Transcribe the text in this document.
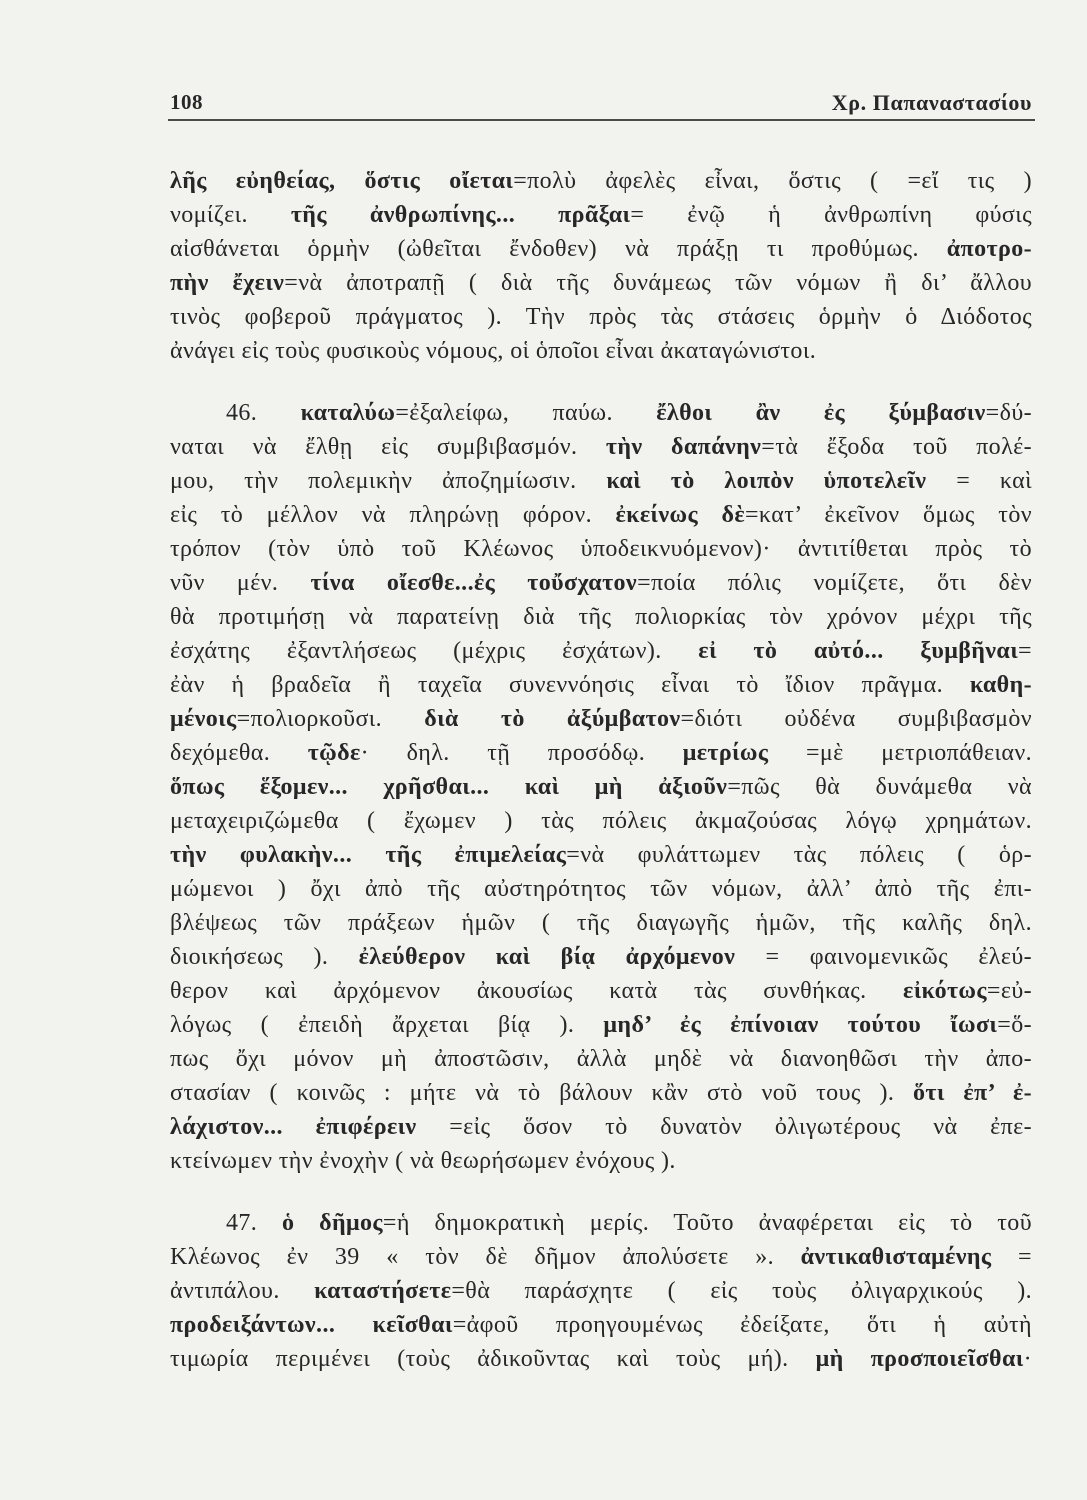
108	Χρ. Παπαναστασίου
λῆς εὐηθείας, ὅστις οἴεται=πολὺ ἀφελὲς εἶναι, ὅστις ( =εἴ τις )
νομίζει. τῆς ἀνθρωπίνης... πρᾶξαι= ἐνῷ ἡ ἀνθρωπίνη φύσις
αἰσθάνεται ὁρμὴν (ὠθεῖται ἔνδοθεν) νὰ πράξῃ τι προθύμως. ἀποτρο-
πὴν ἔχειν=νὰ ἀποτραπῇ ( διὰ τῆς δυνάμεως τῶν νόμων ἢ δι’ ἄλλου
τινὸς φοβεροῦ πράγματος ). Τὴν πρὸς τὰς στάσεις ὁρμὴν ὁ Διόδοτος
ἀνάγει εἰς τοὺς φυσικοὺς νόμους, οἱ ὁποῖοι εἶναι ἀκαταγώνιστοι.
46. καταλύω=ἐξαλείφω, παύω. ἔλθοι ἂν ἐς ξύμβασιν=δύ-
ναται νὰ ἔλθῃ εἰς συμβιβασμόν. τὴν δαπάνην=τὰ ἔξοδα τοῦ πολέ-
μου, τὴν πολεμικὴν ἀποζημίωσιν. καὶ τὸ λοιπὸν ὑποτελεῖν = καὶ
εἰς τὸ μέλλον νὰ πληρώνῃ φόρον. ἐκείνως δὲ=κατ’ ἐκεῖνον ὅμως τὸν
τρόπον (τὸν ὑπὸ τοῦ Κλέωνος ὑποδεικνυόμενον)· ἀντιτίθεται πρὸς τὸ
νῦν μέν. τίνα οἴεσθε...ἐς τοὔσχατον=ποία πόλις νομίζετε, ὅτι δὲν
θὰ προτιμήσῃ νὰ παρατείνῃ διὰ τῆς πολιορκίας τὸν χρόνον μέχρι τῆς
ἐσχάτης ἐξαντλήσεως (μέχρις ἐσχάτων). εἰ τὸ αὐτό... ξυμβῆναι=
ἐὰν ἡ βραδεῖα ἢ ταχεῖα συνεννόησις εἶναι τὸ ἴδιον πρᾶγμα. καθη-
μένοις=πολιορκοῦσι. διὰ τὸ ἀξύμβατον=διότι οὐδένα συμβιβασμὸν
δεχόμεθα. τῷδε· δηλ. τῇ προσόδῳ. μετρίως =μὲ μετριοπάθειαν.
ὅπως ἕξομεν... χρῆσθαι... καὶ μὴ ἀξιοῦν=πῶς θὰ δυνάμεθα νὰ
μεταχειριζώμεθα ( ἔχωμεν ) τὰς πόλεις ἀκμαζούσας λόγῳ χρημάτων.
τὴν φυλακὴν... τῆς ἐπιμελείας=νὰ φυλάττωμεν τὰς πόλεις ( ὁρ-
μώμενοι ) ὄχι ἀπὸ τῆς αὐστηρότητος τῶν νόμων, ἀλλ’ ἀπὸ τῆς ἐπι-
βλέψεως τῶν πράξεων ἡμῶν ( τῆς διαγωγῆς ἡμῶν, τῆς καλῆς δηλ.
διοικήσεως ). ἐλεύθερον καὶ βίᾳ ἀρχόμενον = φαινομενικῶς ἐλεύ-
θερον καὶ ἀρχόμενον ἀκουσίως κατὰ τὰς συνθήκας. εἰκότως=εὐ-
λόγως ( ἐπειδὴ ἄρχεται βίᾳ ). μηδ’ ἐς ἐπίνοιαν τούτου ἴωσι=ὅ-
πως ὄχι μόνον μὴ ἀποστῶσιν, ἀλλὰ μηδὲ νὰ διανοηθῶσι τὴν ἀπο-
στασίαν ( κοινῶς : μήτε νὰ τὸ βάλουν κἂν στὸ νοῦ τους ). ὅτι ἐπ’ ἐ-
λάχιστον... ἐπιφέρειν =εἰς ὅσον τὸ δυνατὸν ὀλιγωτέρους νὰ ἐπε-
κτείνωμεν τὴν ἐνοχὴν ( νὰ θεωρήσωμεν ἐνόχους ).
47. ὁ δῆμος=ἡ δημοκρατικὴ μερίς. Τοῦτο ἀναφέρεται εἰς τὸ τοῦ
Κλέωνος ἐν 39 « τὸν δὲ δῆμον ἀπολύσετε ». ἀντικαθισταμένης =
ἀντιπάλου. καταστήσετε=θὰ παράσχητε ( εἰς τοὺς ὀλιγαρχικούς ).
προδειξάντων... κεῖσθαι=ἀφοῦ προηγουμένως ἐδείξατε, ὅτι ἡ αὐτὴ
τιμωρία περιμένει (τοὺς ἀδικοῦντας καὶ τοὺς μή). μὴ προσποιεῖσθαι·
